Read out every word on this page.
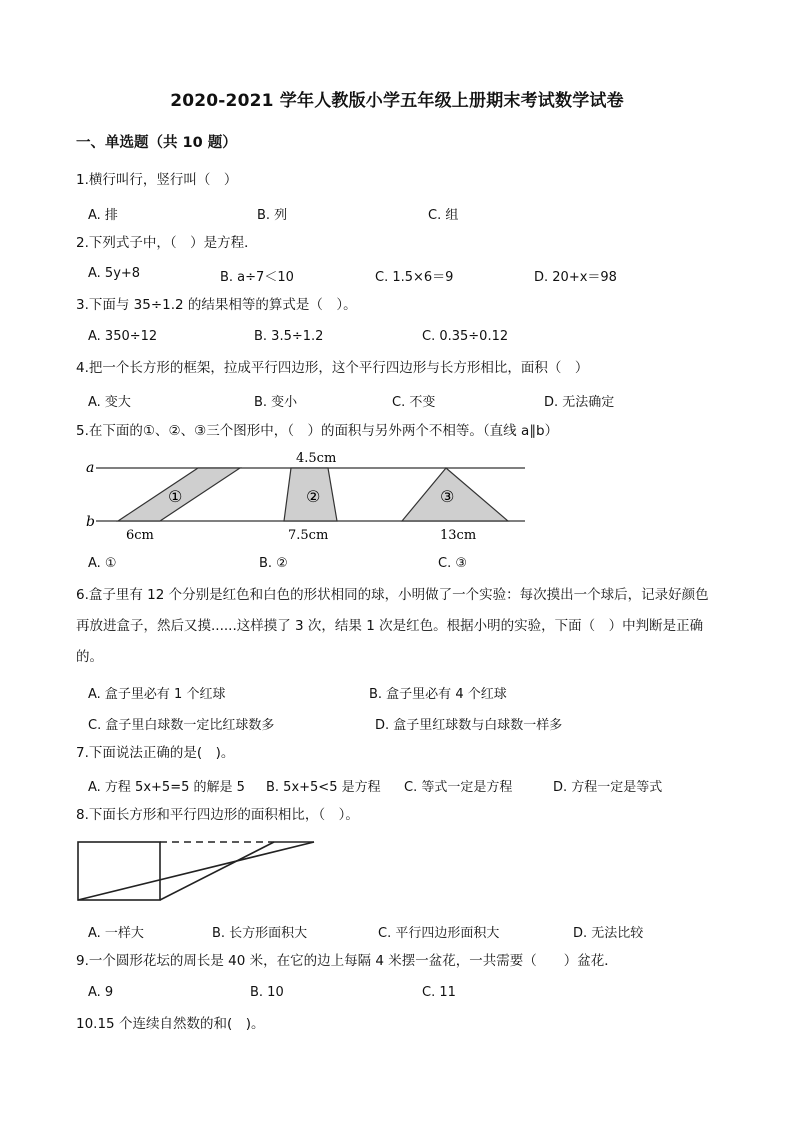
2020-2021 学年人教版小学五年级上册期末考试数学试卷
一、单选题（共 10 题）
1.横行叫行，竖行叫（　）
A. 排	B. 列	C. 组
2.下列式子中，（　）是方程．
A. 5y+8	B. a÷7＜10	C. 1.5×6＝9	D. 20+x＝98
3.下面与 35÷1.2 的结果相等的算式是（　）。
A. 350÷12	B. 3.5÷1.2	C. 0.35÷0.12
4.把一个长方形的框架，拉成平行四边形，这个平行四边形与长方形相比，面积（　）
A. 变大	B. 变小	C. 不变	D. 无法确定
5.在下面的①、②、③三个图形中，（　）的面积与另外两个不相等。（直线 a∥b）
a
b
4.5cm
①	②	③
6cm	7.5cm	13cm
A. ①	B. ②	C. ③
6.盒子里有 12 个分别是红色和白色的形状相同的球，小明做了一个实验：每次摸出一个球后，记录好颜色再放进盒子，然后又摸......这样摸了 3 次，结果 1 次是红色。根据小明的实验，下面（　）中判断是正确的。
A. 盒子里必有 1 个红球	B. 盒子里必有 4 个红球
C. 盒子里白球数一定比红球数多	D. 盒子里红球数与白球数一样多
7.下面说法正确的是(　)。
A. 方程 5x+5=5 的解是 5 B. 5x+5<5 是方程 C. 等式一定是方程	D. 方程一定是等式
8.下面长方形和平行四边形的面积相比，（　）。
A. 一样大	B. 长方形面积大	C. 平行四边形面积大	D. 无法比较
9.一个圆形花坛的周长是 40 米，在它的边上每隔 4 米摆一盆花，一共需要（　　）盆花．
A. 9	B. 10	C. 11
10.15 个连续自然数的和(　)。
